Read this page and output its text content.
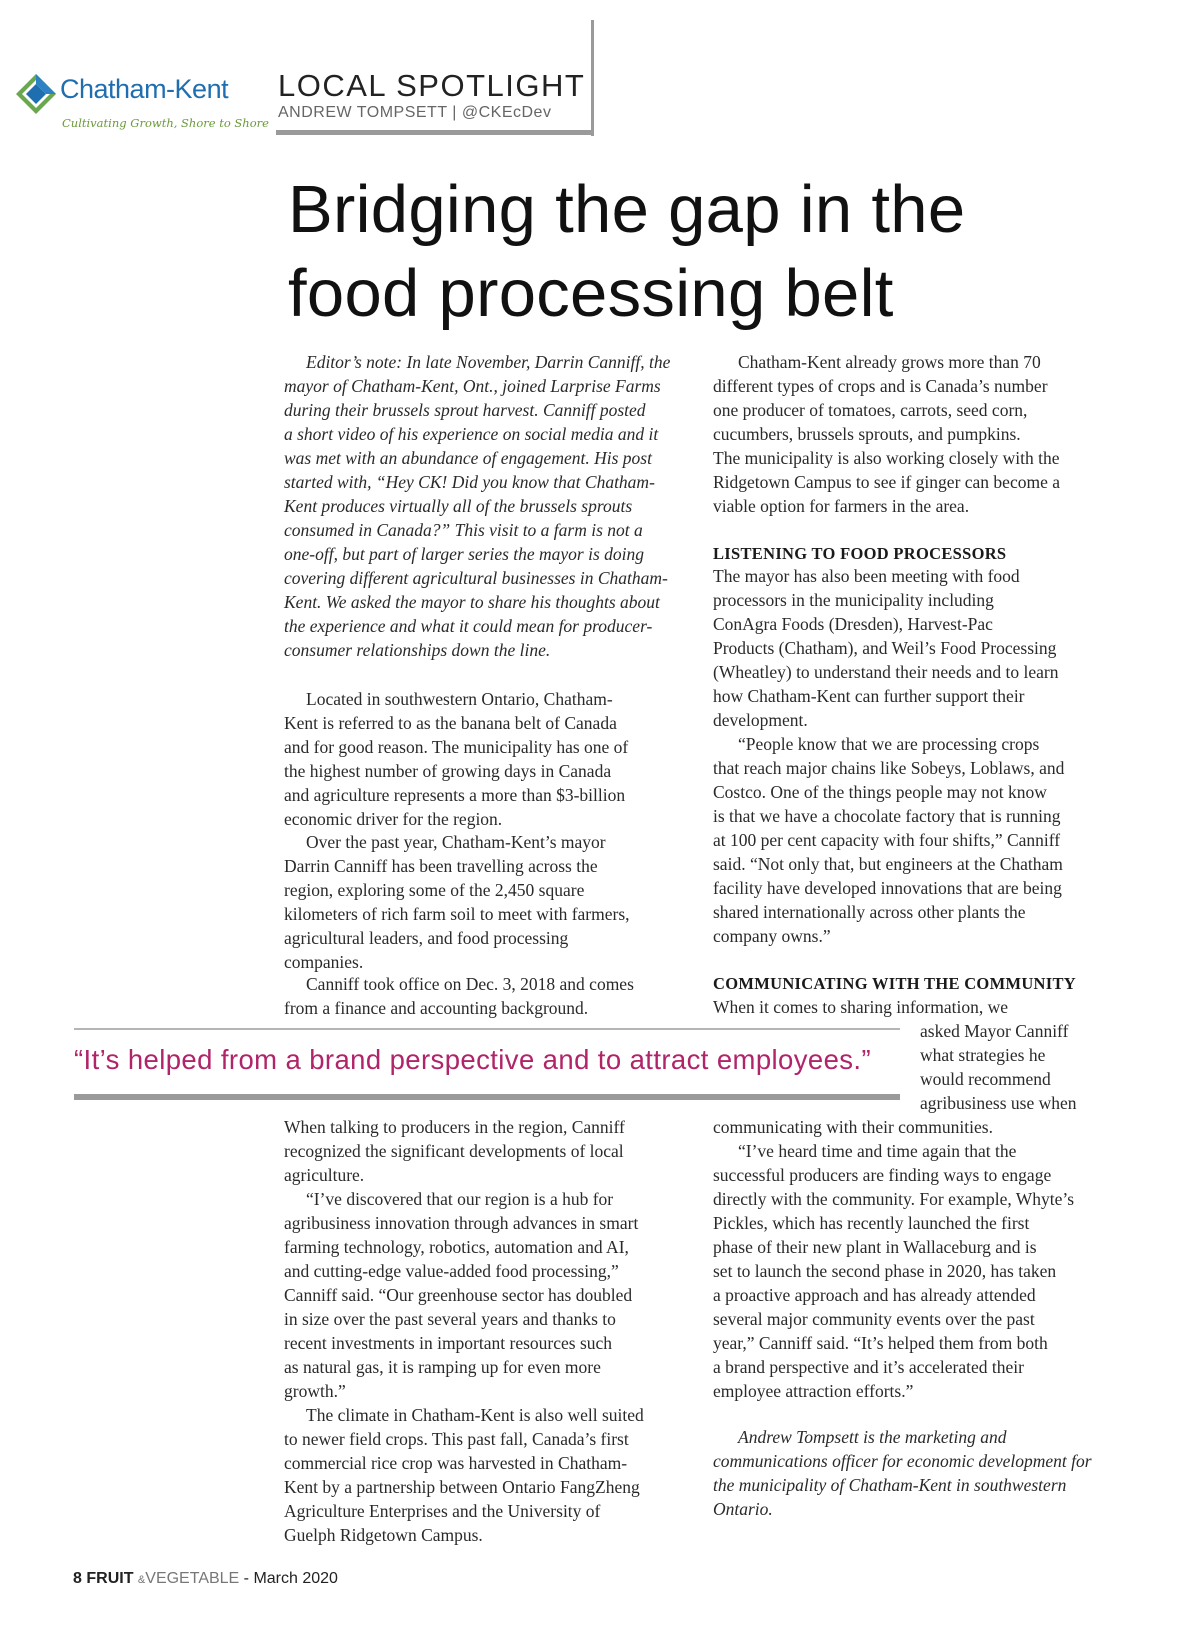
Chatham-Kent
Cultivating Growth, Shore to Shore
LOCAL SPOTLIGHT
ANDREW TOMPSETT | @CKEcDev
Bridging the gap in the
food processing belt
Editor’s note: In late November, Darrin Canniff, the
mayor of Chatham-Kent, Ont., joined Larprise Farms
during their brussels sprout harvest. Canniff posted
a short video of his experience on social media and it
was met with an abundance of engagement. His post
started with, “Hey CK! Did you know that Chatham-
Kent produces virtually all of the brussels sprouts
consumed in Canada?” This visit to a farm is not a
one-off, but part of larger series the mayor is doing
covering different agricultural businesses in Chatham-
Kent. We asked the mayor to share his thoughts about
the experience and what it could mean for producer-
consumer relationships down the line.
Located in southwestern Ontario, Chatham-
Kent is referred to as the banana belt of Canada
and for good reason. The municipality has one of
the highest number of growing days in Canada
and agriculture represents a more than $3-billion
economic driver for the region.
Over the past year, Chatham-Kent’s mayor
Darrin Canniff has been travelling across the
region, exploring some of the 2,450 square
kilometers of rich farm soil to meet with farmers,
agricultural leaders, and food processing
companies.
Canniff took office on Dec. 3, 2018 and comes
from a finance and accounting background.
Chatham-Kent already grows more than 70
different types of crops and is Canada’s number
one producer of tomatoes, carrots, seed corn,
cucumbers, brussels sprouts, and pumpkins.
The municipality is also working closely with the
Ridgetown Campus to see if ginger can become a
viable option for farmers in the area.
LISTENING TO FOOD PROCESSORS
The mayor has also been meeting with food
processors in the municipality including
ConAgra Foods (Dresden), Harvest-Pac
Products (Chatham), and Weil’s Food Processing
(Wheatley) to understand their needs and to learn
how Chatham-Kent can further support their
development.
“People know that we are processing crops
that reach major chains like Sobeys, Loblaws, and
Costco. One of the things people may not know
is that we have a chocolate factory that is running
at 100 per cent capacity with four shifts,” Canniff
said. “Not only that, but engineers at the Chatham
facility have developed innovations that are being
shared internationally across other plants the
company owns.”
COMMUNICATING WITH THE COMMUNITY
When it comes to sharing information, we
asked Mayor Canniff
what strategies he
would recommend
agribusiness use when
communicating with their communities.
“I’ve heard time and time again that the
successful producers are finding ways to engage
directly with the community. For example, Whyte’s
Pickles, which has recently launched the first
phase of their new plant in Wallaceburg and is
set to launch the second phase in 2020, has taken
a proactive approach and has already attended
several major community events over the past
year,” Canniff said. “It’s helped them from both
a brand perspective and it’s accelerated their
employee attraction efforts.”
Andrew Tompsett is the marketing and
communications officer for economic development for
the municipality of Chatham-Kent in southwestern
Ontario.
“It’s helped from a brand perspective and to attract employees.”
When talking to producers in the region, Canniff
recognized the significant developments of local
agriculture.
“I’ve discovered that our region is a hub for
agribusiness innovation through advances in smart
farming technology, robotics, automation and AI,
and cutting-edge value-added food processing,”
Canniff said. “Our greenhouse sector has doubled
in size over the past several years and thanks to
recent investments in important resources such
as natural gas, it is ramping up for even more
growth.”
The climate in Chatham-Kent is also well suited
to newer field crops. This past fall, Canada’s first
commercial rice crop was harvested in Chatham-
Kent by a partnership between Ontario FangZheng
Agriculture Enterprises and the University of
Guelph Ridgetown Campus.
8 FRUIT &VEGETABLE - March 2020
